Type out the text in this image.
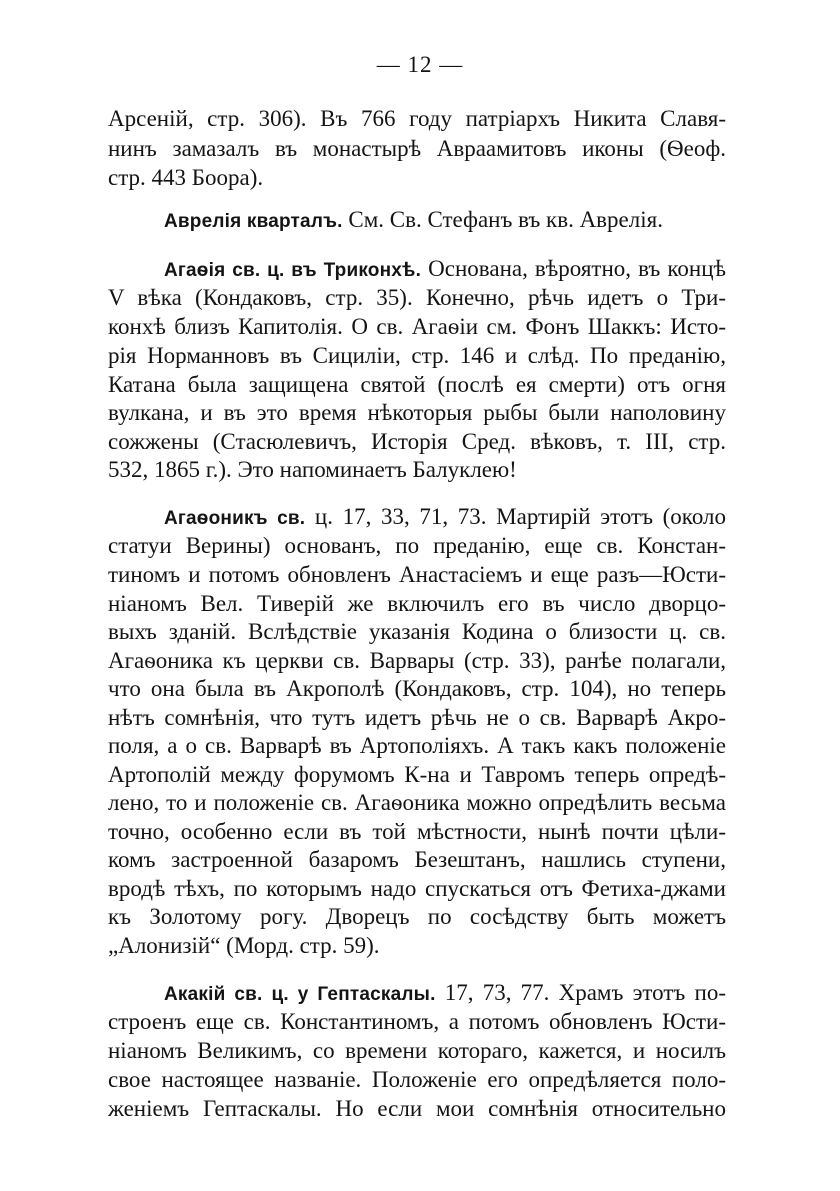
— 12 —
Арсеній, стр. 306). Въ 766 году патріархъ Никита Славя-
нинъ замазалъ въ монастырѣ Авраамитовъ иконы (Ѳеоф.
стр. 443 Боора).
Аврелія кварталъ. См. Св. Стефанъ въ кв. Аврелія.
Агаѳія св. ц. въ Триконхѣ. Основана, вѣроятно, въ концѣ
V вѣка (Кондаковъ, стр. 35). Конечно, рѣчь идетъ о Три-
конхѣ близъ Капитолія. О св. Агаѳіи см. Фонъ Шаккъ: Исто-
рія Норманновъ въ Сициліи, стр. 146 и слѣд. По преданію,
Катана была защищена святой (послѣ ея смерти) отъ огня
вулкана, и въ это время нѣкоторыя рыбы были наполовину
сожжены (Стасюлевичъ, Исторія Сред. вѣковъ, т. III, стр.
532, 1865 г.). Это напоминаетъ Балуклею!
Агаѳоникъ св. ц. 17, 33, 71, 73. Мартирій этотъ (около
статуи Верины) основанъ, по преданію, еще св. Констан-
тиномъ и потомъ обновленъ Анастасіемъ и еще разъ—Юсти-
ніаномъ Вел. Тиверій же включилъ его въ число дворцо-
выхъ зданій. Вслѣдствіе указанія Кодина о близости ц. св.
Агаѳоника къ церкви св. Варвары (стр. 33), ранѣе полагали,
что она была въ Акрополѣ (Кондаковъ, стр. 104), но теперь
нѣтъ сомнѣнія, что тутъ идетъ рѣчь не о св. Варварѣ Акро-
поля, а о св. Варварѣ въ Артополіяхъ. А такъ какъ положеніе
Артополій между форумомъ К-на и Тавромъ теперь опредѣ-
лено, то и положеніе св. Агаѳоника можно опредѣлить весьма
точно, особенно если въ той мѣстности, нынѣ почти цѣли-
комъ застроенной базаромъ Безештанъ, нашлись ступени,
вродѣ тѣхъ, по которымъ надо спускаться отъ Фетиха-джами
къ Золотому рогу. Дворецъ по сосѣдству быть можетъ
„Алонизій“ (Морд. стр. 59).
Акакій св. ц. у Гептаскалы. 17, 73, 77. Храмъ этотъ по-
строенъ еще св. Константиномъ, а потомъ обновленъ Юсти-
ніаномъ Великимъ, со времени котораго, кажется, и носилъ
свое настоящее названіе. Положеніе его опредѣляется поло-
женіемъ Гептаскалы. Но если мои сомнѣнія относительно
